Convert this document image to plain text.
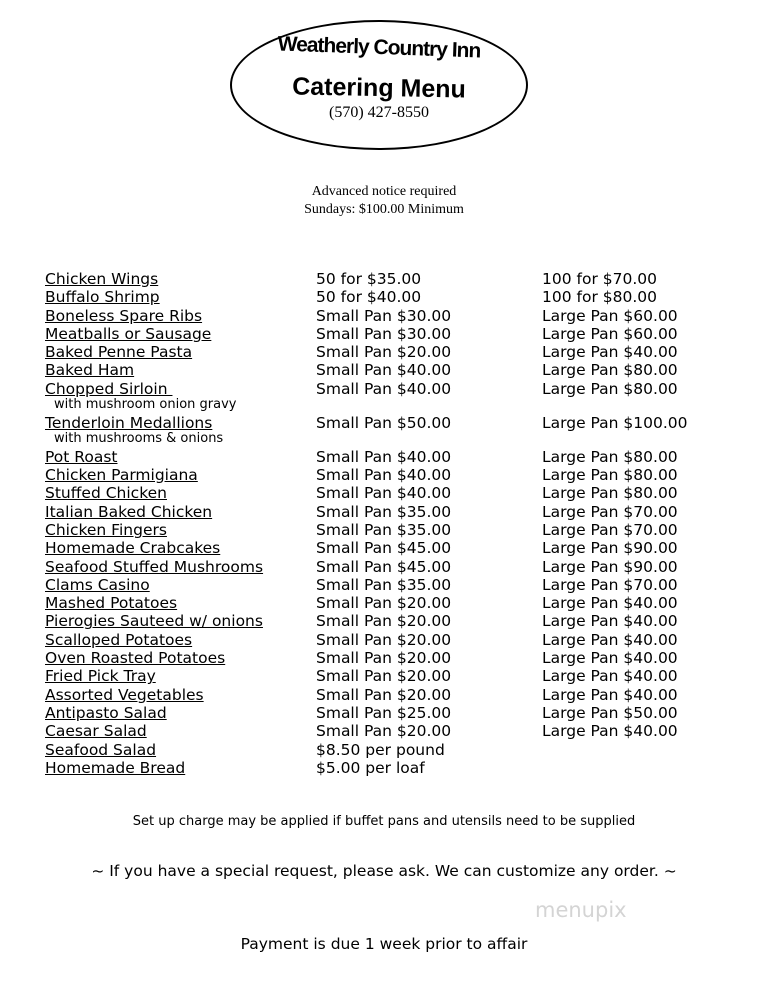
Weatherly Country Inn
Catering Menu
(570) 427-8550
Advanced notice required
Sundays: $100.00 Minimum
Chicken Wings	50 for $35.00	100 for $70.00
Buffalo Shrimp	50 for $40.00	100 for $80.00
Boneless Spare Ribs	Small Pan $30.00	Large Pan $60.00
Meatballs or Sausage	Small Pan $30.00	Large Pan $60.00
Baked Penne Pasta	Small Pan $20.00	Large Pan $40.00
Baked Ham	Small Pan $40.00	Large Pan $80.00
Chopped Sirloin	Small Pan $40.00	Large Pan $80.00
with mushroom onion gravy
Tenderloin Medallions	Small Pan $50.00	Large Pan $100.00
with mushrooms & onions
Pot Roast	Small Pan $40.00	Large Pan $80.00
Chicken Parmigiana	Small Pan $40.00	Large Pan $80.00
Stuffed Chicken	Small Pan $40.00	Large Pan $80.00
Italian Baked Chicken	Small Pan $35.00	Large Pan $70.00
Chicken Fingers	Small Pan $35.00	Large Pan $70.00
Homemade Crabcakes	Small Pan $45.00	Large Pan $90.00
Seafood Stuffed Mushrooms	Small Pan $45.00	Large Pan $90.00
Clams Casino	Small Pan $35.00	Large Pan $70.00
Mashed Potatoes	Small Pan $20.00	Large Pan $40.00
Pierogies Sauteed w/ onions	Small Pan $20.00	Large Pan $40.00
Scalloped Potatoes	Small Pan $20.00	Large Pan $40.00
Oven Roasted Potatoes	Small Pan $20.00	Large Pan $40.00
Fried Pick Tray	Small Pan $20.00	Large Pan $40.00
Assorted Vegetables	Small Pan $20.00	Large Pan $40.00
Antipasto Salad	Small Pan $25.00	Large Pan $50.00
Caesar Salad	Small Pan $20.00	Large Pan $40.00
Seafood Salad	$8.50 per pound
Homemade Bread	$5.00 per loaf
Set up charge may be applied if buffet pans and utensils need to be supplied
~ If you have a special request, please ask. We can customize any order. ~
menupix
Payment is due 1 week prior to affair
